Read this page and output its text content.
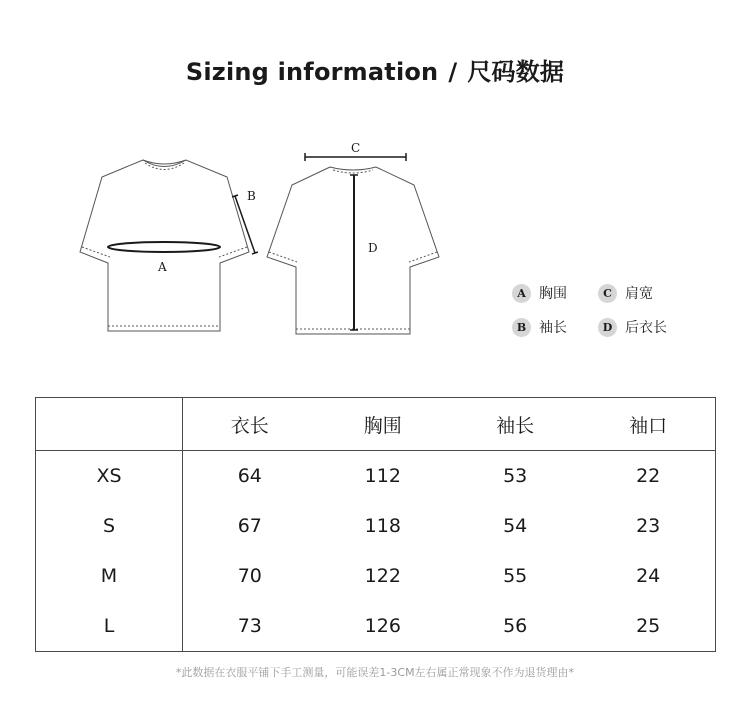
Sizing information / 尺码数据
A
B
C
D
A 胸围	C 肩宽
B 袖长	D 后衣长
	衣长	胸围	袖长	袖口
XS	64	112	53	22
S	67	118	54	23
M	70	122	55	24
L	73	126	56	25
*此数据在衣服平铺下手工测量，可能误差1-3CM左右属正常现象不作为退货理由*
